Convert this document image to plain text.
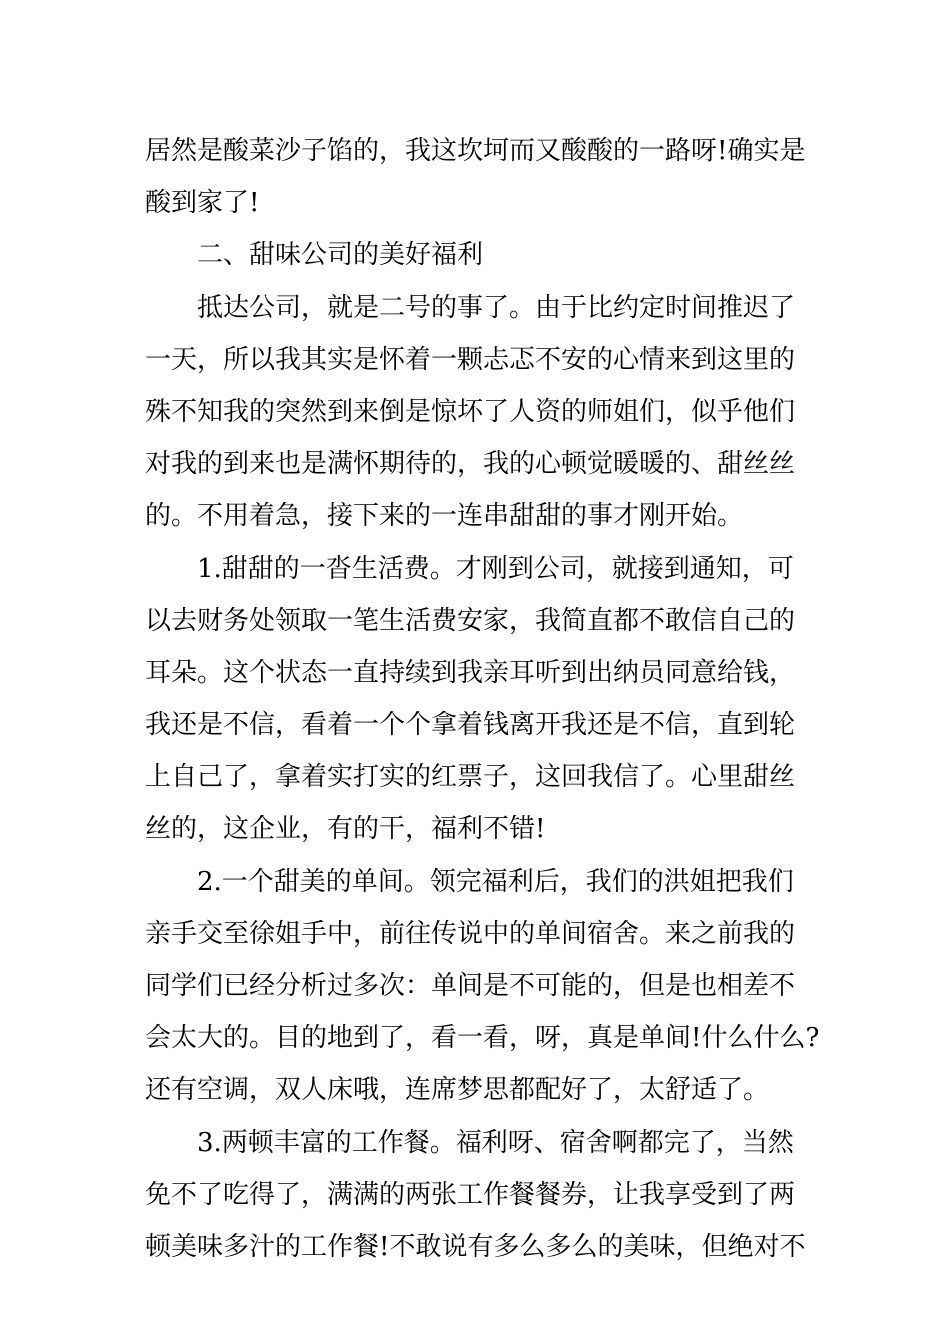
居然是酸菜沙子馅的，我这坎坷而又酸酸的一路呀!确实是
酸到家了!
二、甜味公司的美好福利
抵达公司，就是二号的事了。由于比约定时间推迟了
一天，所以我其实是怀着一颗忐忑不安的心情来到这里的
殊不知我的突然到来倒是惊坏了人资的师姐们，似乎他们
对我的到来也是满怀期待的，我的心顿觉暖暖的、甜丝丝
的。不用着急，接下来的一连串甜甜的事才刚开始。
1.甜甜的一沓生活费。才刚到公司，就接到通知，可
以去财务处领取一笔生活费安家，我简直都不敢信自己的
耳朵。这个状态一直持续到我亲耳听到出纳员同意给钱，
我还是不信，看着一个个拿着钱离开我还是不信，直到轮
上自己了，拿着实打实的红票子，这回我信了。心里甜丝
丝的，这企业，有的干，福利不错!
2.一个甜美的单间。领完福利后，我们的洪姐把我们
亲手交至徐姐手中，前往传说中的单间宿舍。来之前我的
同学们已经分析过多次：单间是不可能的，但是也相差不
会太大的。目的地到了，看一看，呀，真是单间!什么什么?
还有空调，双人床哦，连席梦思都配好了，太舒适了。
3.两顿丰富的工作餐。福利呀、宿舍啊都完了，当然
免不了吃得了，满满的两张工作餐餐券，让我享受到了两
顿美味多汁的工作餐!不敢说有多么多么的美味，但绝对不
